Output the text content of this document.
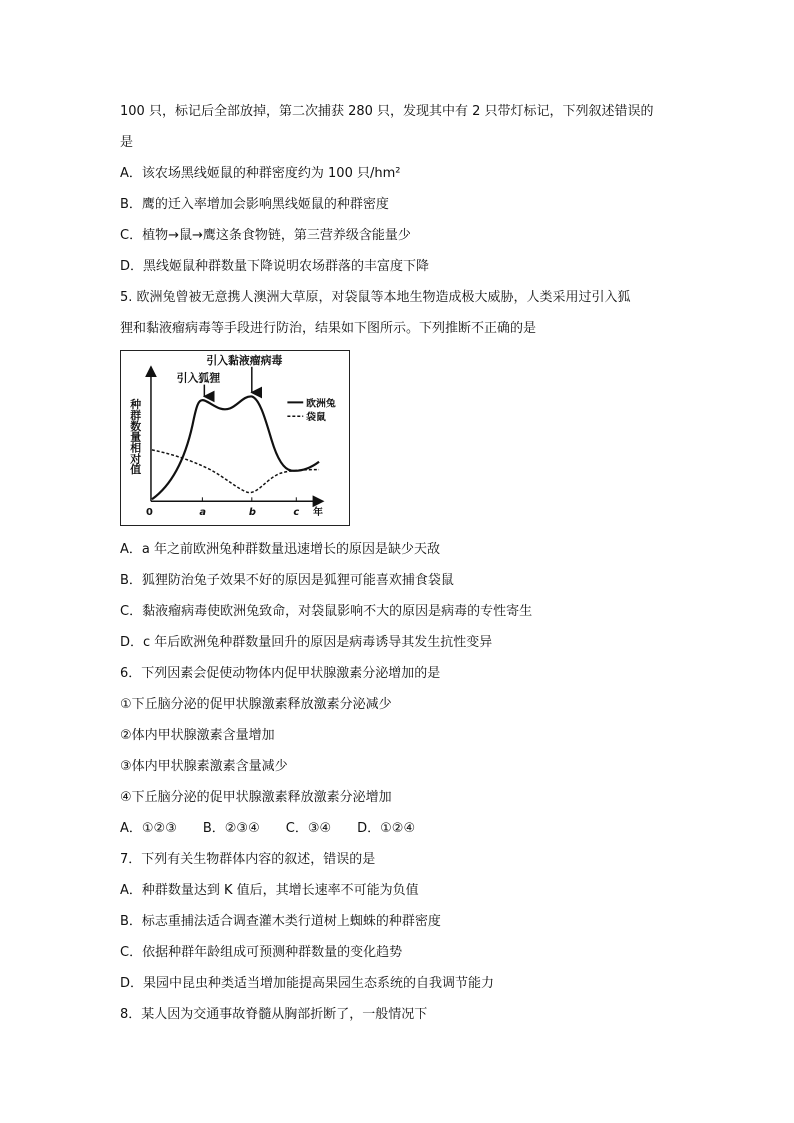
100 只，标记后全部放掉，第二次捕获 280 只，发现其中有 2 只带灯标记，下列叙述错误的
是
A．该农场黑线姬鼠的种群密度约为 100 只/hm²
B．鹰的迁入率增加会影响黑线姬鼠的种群密度
C．植物→鼠→鹰这条食物链，第三营养级含能量少
D．黑线姬鼠种群数量下降说明农场群落的丰富度下降
5. 欧洲兔曾被无意携人澳洲大草原，对袋鼠等本地生物造成极大威胁，人类采用过引入狐
狸和黏液瘤病毒等手段进行防治，结果如下图所示。下列推断不正确的是
种群数量相对值
0	a	b	c 年
引入狐狸
引入黏液瘤病毒
欧洲兔
袋鼠
A．a 年之前欧洲兔种群数量迅速增长的原因是缺少天敌
B．狐狸防治兔子效果不好的原因是狐狸可能喜欢捕食袋鼠
C．黏液瘤病毒使欧洲兔致命，对袋鼠影响不大的原因是病毒的专性寄生
D．c 年后欧洲兔种群数量回升的原因是病毒诱导其发生抗性变异
6．下列因素会促使动物体内促甲状腺激素分泌增加的是
①下丘脑分泌的促甲状腺激素释放激素分泌减少
②体内甲状腺激素含量增加
③体内甲状腺素激素含量减少
④下丘脑分泌的促甲状腺激素释放激素分泌增加
A．①②③　　B．②③④　　C．③④　　D．①②④
7．下列有关生物群体内容的叙述，错误的是
A．种群数量达到 K 值后，其增长速率不可能为负值
B．标志重捕法适合调查灌木类行道树上蜘蛛的种群密度
C．依据种群年龄组成可预测种群数量的变化趋势
D．果园中昆虫种类适当增加能提高果园生态系统的自我调节能力
8．某人因为交通事故脊髓从胸部折断了，一般情况下
